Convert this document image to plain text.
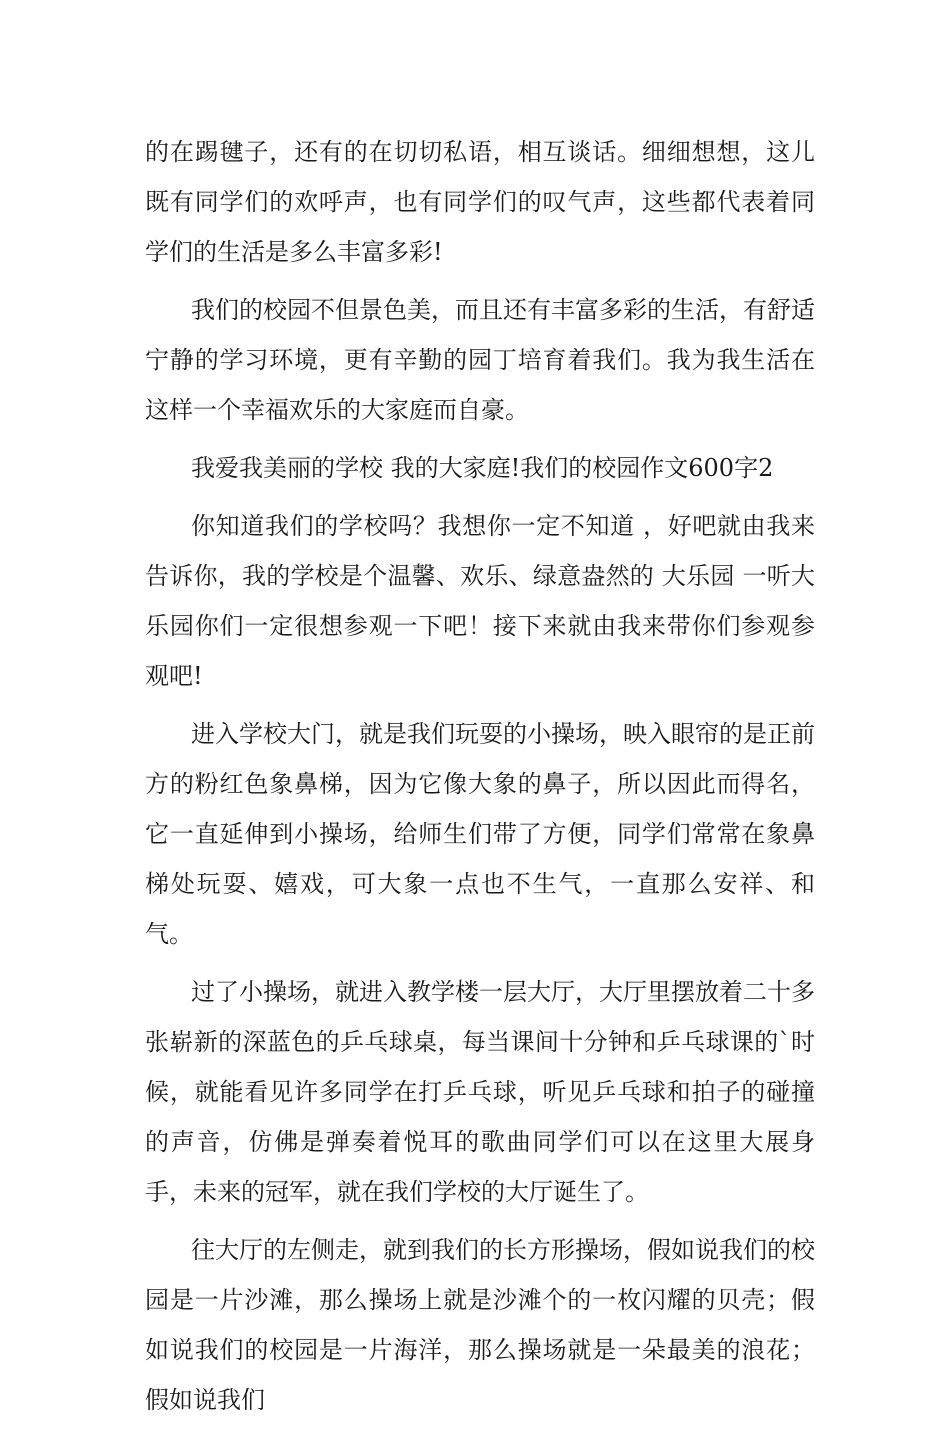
的在踢毽子，还有的在切切私语，相互谈话。细细想想，这儿既有同学们的欢呼声，也有同学们的叹气声，这些都代表着同学们的生活是多么丰富多彩!

我们的校园不但景色美，而且还有丰富多彩的生活，有舒适宁静的学习环境，更有辛勤的园丁培育着我们。我为我生活在这样一个幸福欢乐的大家庭而自豪。

我爱我美丽的学校 我的大家庭!我们的校园作文600字2

你知道我们的学校吗？我想你一定不知道 ，好吧就由我来告诉你，我的学校是个温馨、欢乐、绿意盎然的 大乐园 一听大乐园你们一定很想参观一下吧！接下来就由我来带你们参观参观吧!

进入学校大门，就是我们玩耍的小操场，映入眼帘的是正前方的粉红色象鼻梯，因为它像大象的鼻子，所以因此而得名，它一直延伸到小操场，给师生们带了方便，同学们常常在象鼻梯处玩耍、嬉戏，可大象一点也不生气，一直那么安祥、和气。

过了小操场，就进入教学楼一层大厅，大厅里摆放着二十多张崭新的深蓝色的乒乓球桌，每当课间十分钟和乒乓球课的`时候，就能看见许多同学在打乒乓球，听见乒乓球和拍子的碰撞的声音，仿佛是弹奏着悦耳的歌曲同学们可以在这里大展身手，未来的冠军，就在我们学校的大厅诞生了。

往大厅的左侧走，就到我们的长方形操场，假如说我们的校园是一片沙滩，那么操场上就是沙滩个的一枚闪耀的贝壳；假如说我们的校园是一片海洋，那么操场就是一朵最美的浪花；假如说我们
